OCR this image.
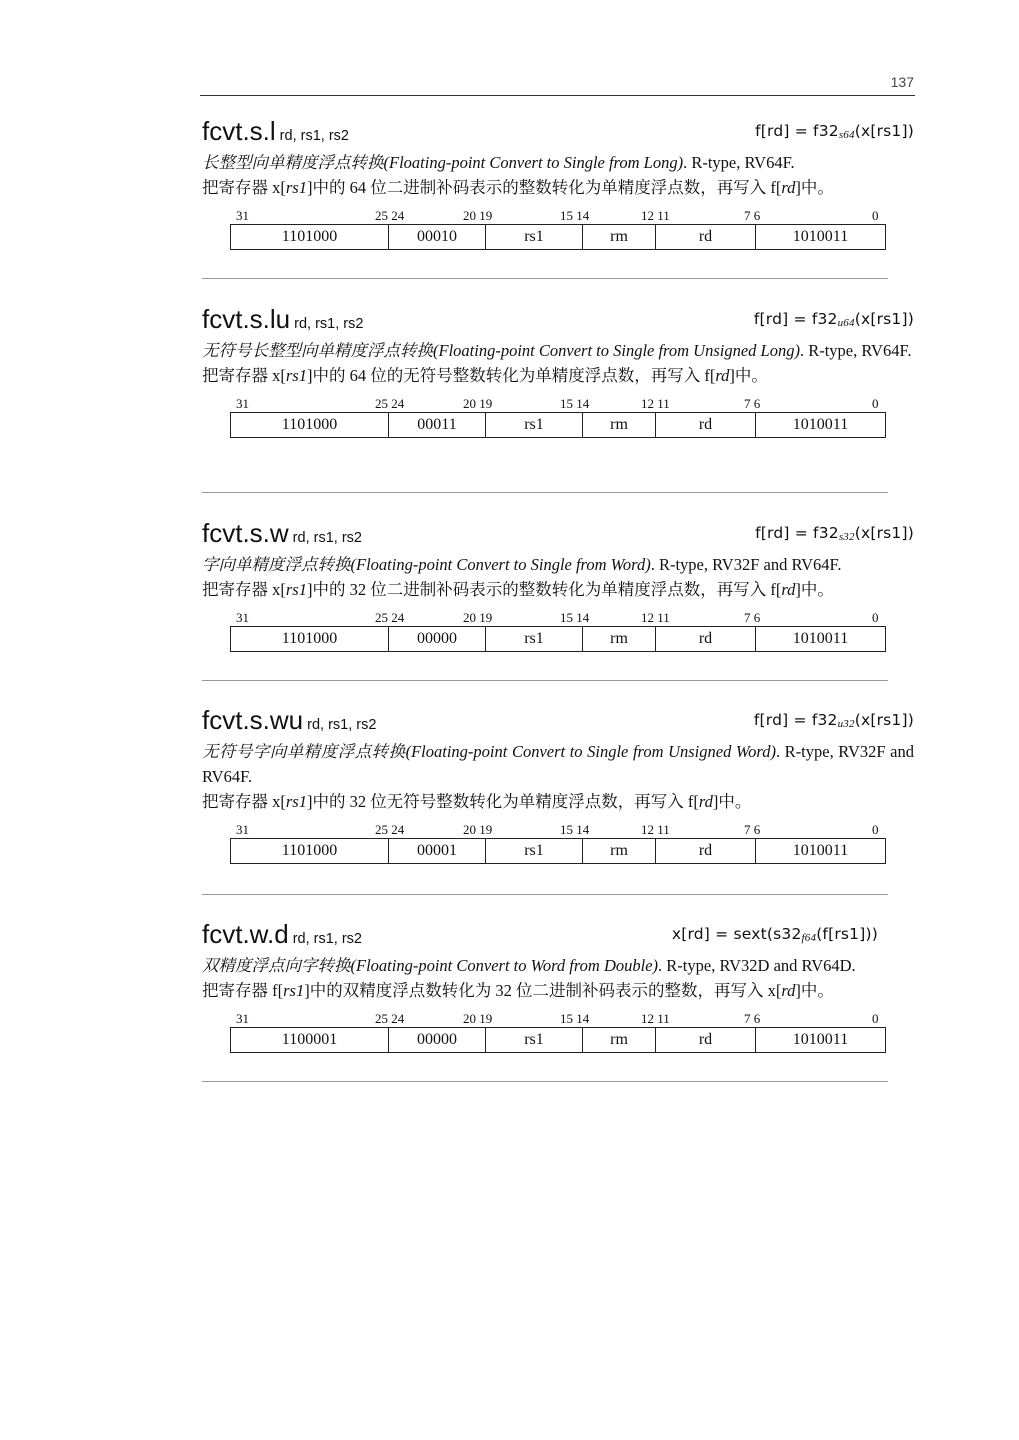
137
fcvt.s.l rd, rs1, rs2	$f[rd] = f32_{s64}(x[rs1])$

长整型向单精度浮点转换(Floating-point Convert to Single from Long). R-type, RV64F.

把寄存器 x[rs1]中的 64 位二进制补码表示的整数转化为单精度浮点数，再写入 f[rd]中。

31	25 24	20 19	15 14	12 11	7 6	0
1101000	00010	rs1	rm	rd	1010011
fcvt.s.lu rd, rs1, rs2	$f[rd] = f32_{u64}(x[rs1])$

无符号长整型向单精度浮点转换(Floating-point Convert to Single from Unsigned Long). R-type, RV64F.

把寄存器 x[rs1]中的 64 位的无符号整数转化为单精度浮点数，再写入 f[rd]中。

31	25 24	20 19	15 14	12 11	7 6	0
1101000	00011	rs1	rm	rd	1010011
fcvt.s.w rd, rs1, rs2	$f[rd] = f32_{s32}(x[rs1])$

字向单精度浮点转换(Floating-point Convert to Single from Word). R-type, RV32F and RV64F.

把寄存器 x[rs1]中的 32 位二进制补码表示的整数转化为单精度浮点数，再写入 f[rd]中。

31	25 24	20 19	15 14	12 11	7 6	0
1101000	00000	rs1	rm	rd	1010011
fcvt.s.wu rd, rs1, rs2	$f[rd] = f32_{u32}(x[rs1])$

无符号字向单精度浮点转换(Floating-point Convert to Single from Unsigned Word). R-type, RV32F and RV64F.

把寄存器 x[rs1]中的 32 位无符号整数转化为单精度浮点数，再写入 f[rd]中。

31	25 24	20 19	15 14	12 11	7 6	0
1101000	00001	rs1	rm	rd	1010011
fcvt.w.d rd, rs1, rs2	$x[rd] = sext(s32_{f64}(f[rs1]))$

双精度浮点向字转换(Floating-point Convert to Word from Double). R-type, RV32D and RV64D.

把寄存器 f[rs1]中的双精度浮点数转化为 32 位二进制补码表示的整数，再写入 x[rd]中。

31	25 24	20 19	15 14	12 11	7 6	0
1100001	00000	rs1	rm	rd	1010011
